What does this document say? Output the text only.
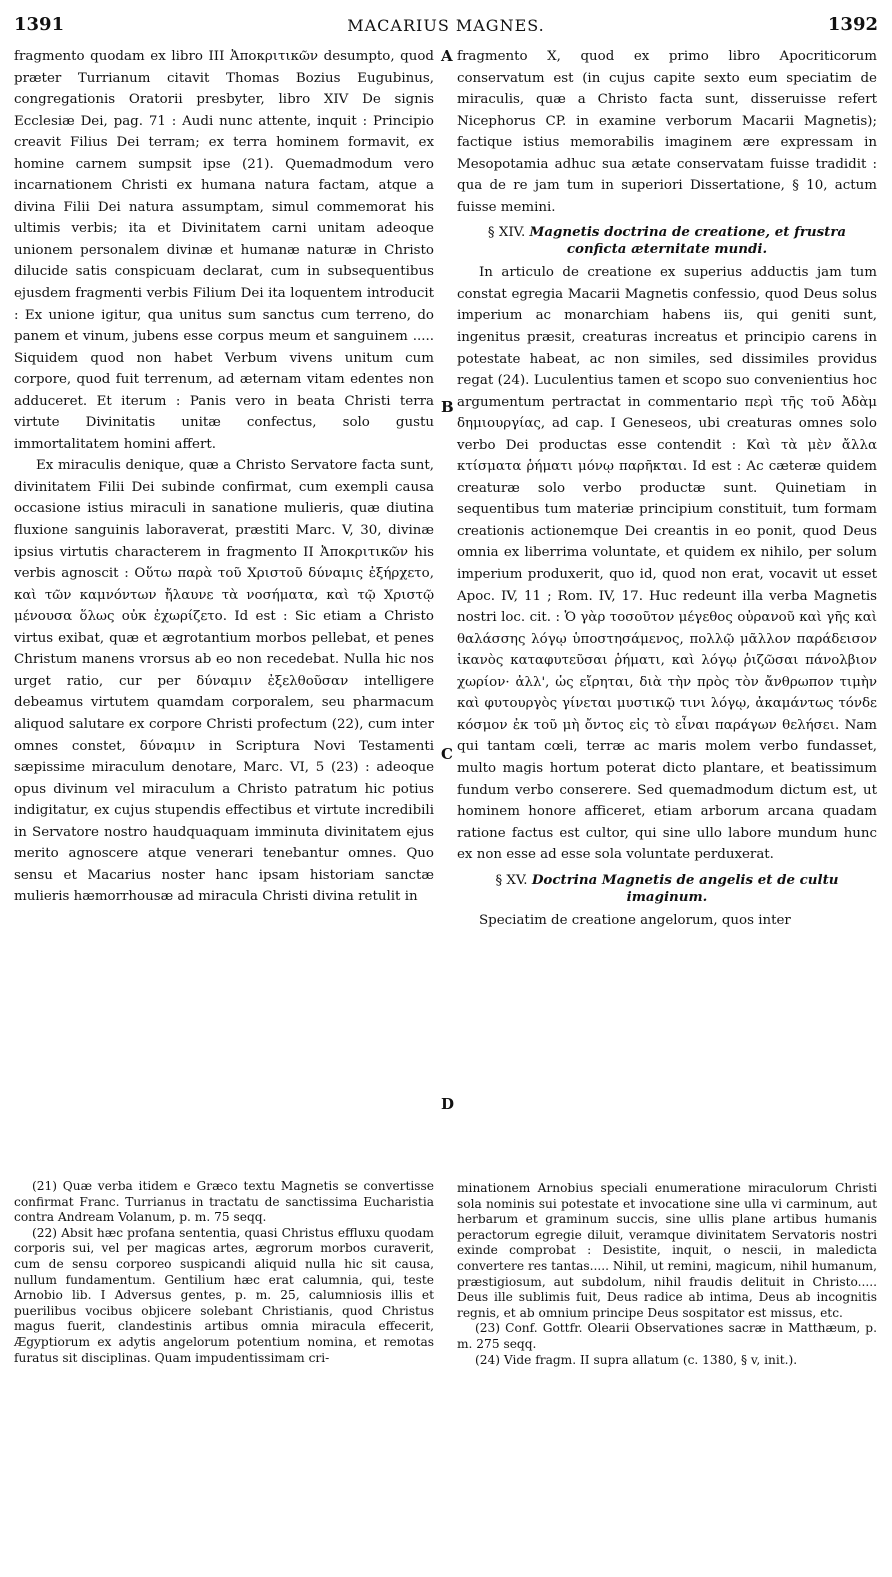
1391	MACARIUS MAGNES.	1392
A
B
C
D

fragmento quodam ex libro III Ἀποκριτικῶν desumpto, quod præter Turrianum citavit Thomas Bozius Eugubinus, congregationis Oratorii presbyter, libro XIV De signis Ecclesiæ Dei, pag. 71 : Audi nunc attente, inquit : Principio creavit Filius Dei terram; ex terra hominem formavit, ex homine carnem sumpsit ipse (21). Quemadmodum vero incarnationem Christi ex humana natura factam, atque a divina Filii Dei natura assumptam, simul commemorat his ultimis verbis; ita et Divinitatem carni unitam adeoque unionem personalem divinæ et humanæ naturæ in Christo dilucide satis conspicuam declarat, cum in subsequentibus ejusdem fragmenti verbis Filium Dei ita loquentem introducit : Ex unione igitur, qua unitus sum sanctus cum terreno, do panem et vinum, jubens esse corpus meum et sanguinem ..... Siquidem quod non habet Verbum vivens unitum cum corpore, quod fuit terrenum, ad æternam vitam edentes non adduceret. Et iterum : Panis vero in beata Christi terra virtute Divinitatis unitæ confectus, solo gustu immortalitatem homini affert.

Ex miraculis denique, quæ a Christo Servatore facta sunt, divinitatem Filii Dei subinde confirmat, cum exempli causa occasione istius miraculi in sanatione mulieris, quæ diutina fluxione sanguinis laboraverat, præstiti Marc. V, 30, divinæ ipsius virtutis characterem in fragmento II Ἀποκριτικῶν his verbis agnoscit : Οὕτω παρὰ τοῦ Χριστοῦ δύναμις ἐξήρχετο, καὶ τῶν καμνόντων ἤλαυνε τὰ νοσήματα, καὶ τῷ Χριστῷ μένουσα ὅλως οὐκ ἐχωρίζετο. Id est : Sic etiam a Christo virtus exibat, quæ et ægrotantium morbos pellebat, et penes Christum manens vrorsus ab eo non recedebat. Nulla hic nos urget ratio, cur per δύναμιν ἐξελθοῦσαν intelligere debeamus virtutem quamdam corporalem, seu pharmacum aliquod salutare ex corpore Christi profectum (22), cum inter omnes constet, δύναμιν in Scriptura Novi Testamenti sæpissime miraculum denotare, Marc. VI, 5 (23) : adeoque opus divinum vel miraculum a Christo patratum hic potius indigitatur, ex cujus stupendis effectibus et virtute incredibili in Servatore nostro haudquaquam imminuta divinitatem ejus merito agnoscere atque venerari tenebantur omnes. Quo sensu et Macarius noster hanc ipsam historiam sanctæ mulieris hæmorrhousæ ad miracula Christi divina retulit in

fragmento X, quod ex primo libro Apocriticorum conservatum est (in cujus capite sexto eum speciatim de miraculis, quæ a Christo facta sunt, disseruisse refert Nicephorus CP. in examine verborum Macarii Magnetis); factique istius memorabilis imaginem ære expressam in Mesopotamia adhuc sua ætate conservatam fuisse tradidit : qua de re jam tum in superiori Dissertatione, § 10, actum fuisse memini.

§ XIV. Magnetis doctrina de creatione, et frustra conficta æternitate mundi.

In articulo de creatione ex superius adductis jam tum constat egregia Macarii Magnetis confessio, quod Deus solus imperium ac monarchiam habens iis, qui geniti sunt, ingenitus præsit, creaturas increatus et principio carens in potestate habeat, ac non similes, sed dissimiles providus regat (24). Luculentius tamen et scopo suo convenientius hoc argumentum pertractat in commentario περὶ τῆς τοῦ Ἀδὰμ δημιουργίας, ad cap. I Geneseos, ubi creaturas omnes solo verbo Dei productas esse contendit : Καὶ τὰ μὲν ἄλλα κτίσματα ῥήματι μόνῳ παρῆκται. Id est : Ac cæteræ quidem creaturæ solo verbo productæ sunt. Quinetiam in sequentibus tum materiæ principium constituit, tum formam creationis actionemque Dei creantis in eo ponit, quod Deus omnia ex liberrima voluntate, et quidem ex nihilo, per solum imperium produxerit, quo id, quod non erat, vocavit ut esset Apoc. IV, 11 ; Rom. IV, 17. Huc redeunt illa verba Magnetis nostri loc. cit. : Ὁ γὰρ τοσοῦτον μέγεθος οὐρανοῦ καὶ γῆς καὶ θαλάσσης λόγῳ ὑποστησάμενος, πολλῷ μᾶλλον παράδεισον ἱκανὸς καταφυτεῦσαι ῥήματι, καὶ λόγῳ ῥιζῶσαι πάνολβιον χωρίον· ἀλλ', ὡς εἴρηται, διὰ τὴν πρὸς τὸν ἄνθρωπον τιμὴν καὶ φυτουργὸς γίνεται μυστικῷ τινι λόγῳ, ἀκαμάντως τόνδε κόσμον ἐκ τοῦ μὴ ὄντος εἰς τὸ εἶναι παράγων θελήσει. Nam qui tantam cœli, terræ ac maris molem verbo fundasset, multo magis hortum poterat dicto plantare, et beatissimum fundum verbo conserere. Sed quemadmodum dictum est, ut hominem honore afficeret, etiam arborum arcana quadam ratione factus est cultor, qui sine ullo labore mundum hunc ex non esse ad esse sola voluntate perduxerat.

§ XV. Doctrina Magnetis de angelis et de cultu imaginum.

Speciatim de creatione angelorum, quos inter

(21) Quæ verba itidem e Græco textu Magnetis se convertisse confirmat Franc. Turrianus in tractatu de sanctissima Eucharistia contra Andream Volanum, p. m. 75 seqq.

(22) Absit hæc profana sententia, quasi Christus effluxu quodam corporis sui, vel per magicas artes, ægrorum morbos curaverit, cum de sensu corporeo suspicandi aliquid nulla hic sit causa, nullum fundamentum. Gentilium hæc erat calumnia, qui, teste Arnobio lib. I Adversus gentes, p. m. 25, calumniosis illis et puerilibus vocibus objicere solebant Christianis, quod Christus magus fuerit, clandestinis artibus omnia miracula effecerit, Ægyptiorum ex adytis angelorum potentium nomina, et remotas furatus sit disciplinas. Quam impudentissimam cri-

minationem Arnobius speciali enumeratione miraculorum Christi sola nominis sui potestate et invocatione sine ulla vi carminum, aut herbarum et graminum succis, sine ullis plane artibus humanis peractorum egregie diluit, veramque divinitatem Servatoris nostri exinde comprobat : Desistite, inquit, o nescii, in maledicta convertere res tantas..... Nihil, ut remini, magicum, nihil humanum, præstigiosum, aut subdolum, nihil fraudis delituit in Christo..... Deus ille sublimis fuit, Deus radice ab intima, Deus ab incognitis regnis, et ab omnium principe Deus sospitator est missus, etc.

(23) Conf. Gottfr. Olearii Observationes sacræ in Matthæum, p. m. 275 seqq.

(24) Vide fragm. II supra allatum (c. 1380, § v, init.).
